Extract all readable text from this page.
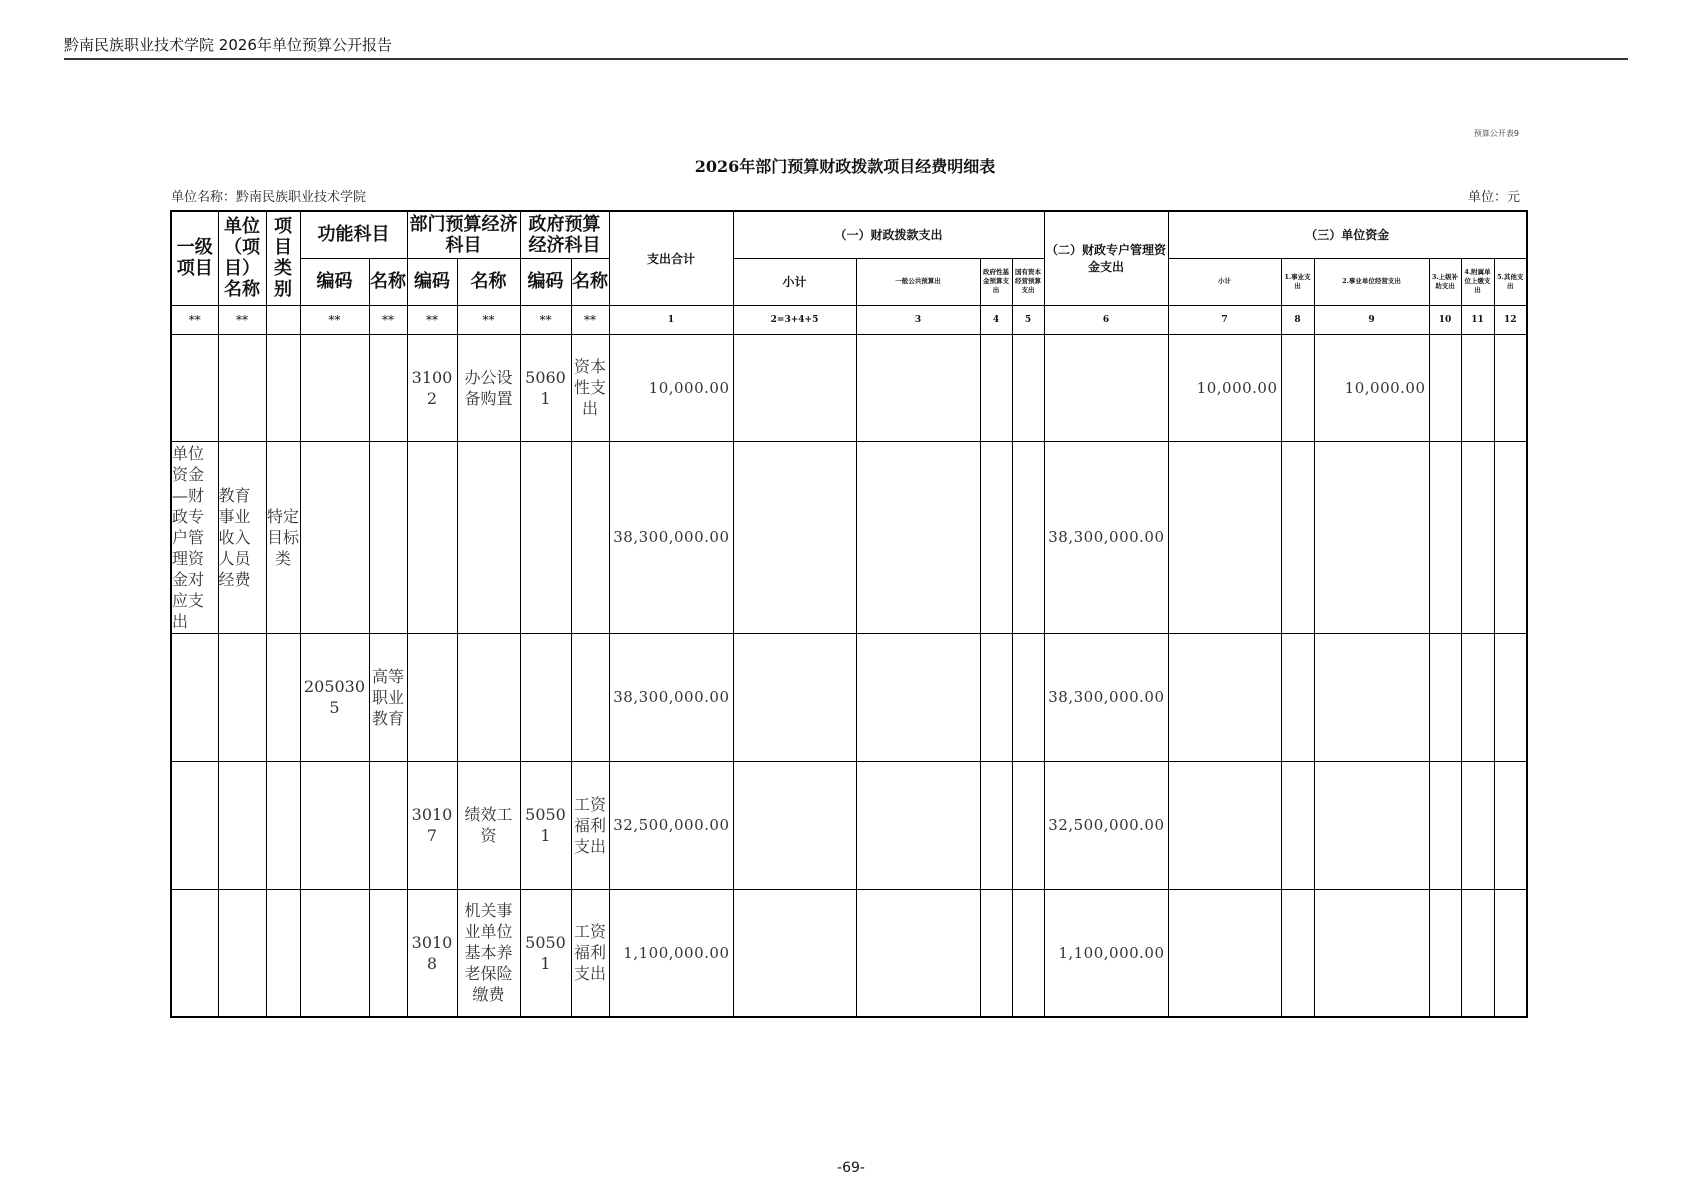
黔南民族职业技术学院 2026年单位预算公开报告
预算公开表9
2026年部门预算财政拨款项目经费明细表
单位名称：黔南民族职业技术学院	单位：元
一级项目	单位（项目）名称	项目类别	功能科目		部门预算经济科目		政府预算经济科目		支出合计	（一）财政拨款支出				（二）财政专户管理资金支出	（三）单位资金					
			编码	名称	编码	名称	编码	名称		小计	一般公共预算出	政府性基金预算支出	国有资本经营预算支出		小计	1.事业支出	2.事业单位经营支出	3.上级补助支出	4.附属单位上缴支出	5.其他支出
**	**		**	**	**	**	**	**	1	2=3+4+5	3	4	5	6	7	8	9	10	11	12
					31002	办公设备购置	50601	资本性支出	10,000.00						10,000.00		10,000.00			
单位资金—财政专户管理资金对应支出	教育事业收入人员经费	特定目标类							38,300,000.00					38,300,000.00						
			2050305	高等职业教育					38,300,000.00					38,300,000.00						
					30107	绩效工资	50501	工资福利支出	32,500,000.00					32,500,000.00						
					30108	机关事业单位基本养老保险缴费	50501	工资福利支出	1,100,000.00					1,100,000.00						
-69-
